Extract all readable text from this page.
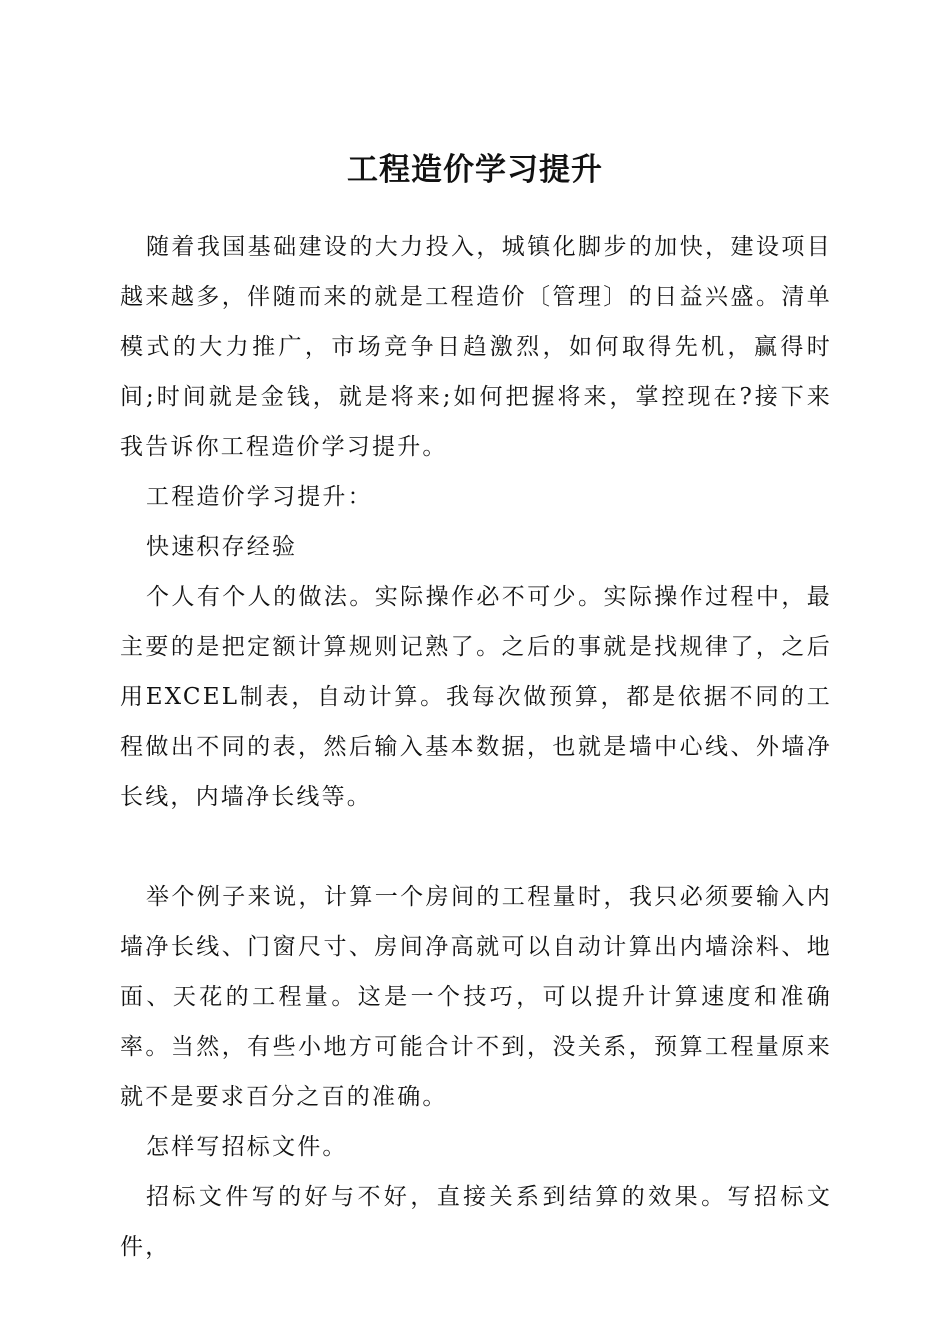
工程造价学习提升

随着我国基础建设的大力投入，城镇化脚步的加快，建设项目越来越多，伴随而来的就是工程造价〔管理〕的日益兴盛。清单模式的大力推广，市场竞争日趋激烈，如何取得先机，赢得时间;时间就是金钱，就是将来;如何把握将来，掌控现在?接下来我告诉你工程造价学习提升。

工程造价学习提升：

快速积存经验

个人有个人的做法。实际操作必不可少。实际操作过程中，最主要的是把定额计算规则记熟了。之后的事就是找规律了，之后用EXCEL制表，自动计算。我每次做预算，都是依据不同的工程做出不同的表，然后输入基本数据，也就是墙中心线、外墙净长线，内墙净长线等。

举个例子来说，计算一个房间的工程量时，我只必须要输入内墙净长线、门窗尺寸、房间净高就可以自动计算出内墙涂料、地面、天花的工程量。这是一个技巧，可以提升计算速度和准确率。当然，有些小地方可能合计不到，没关系，预算工程量原来就不是要求百分之百的准确。

怎样写招标文件。

招标文件写的好与不好，直接关系到结算的效果。写招标文件，
